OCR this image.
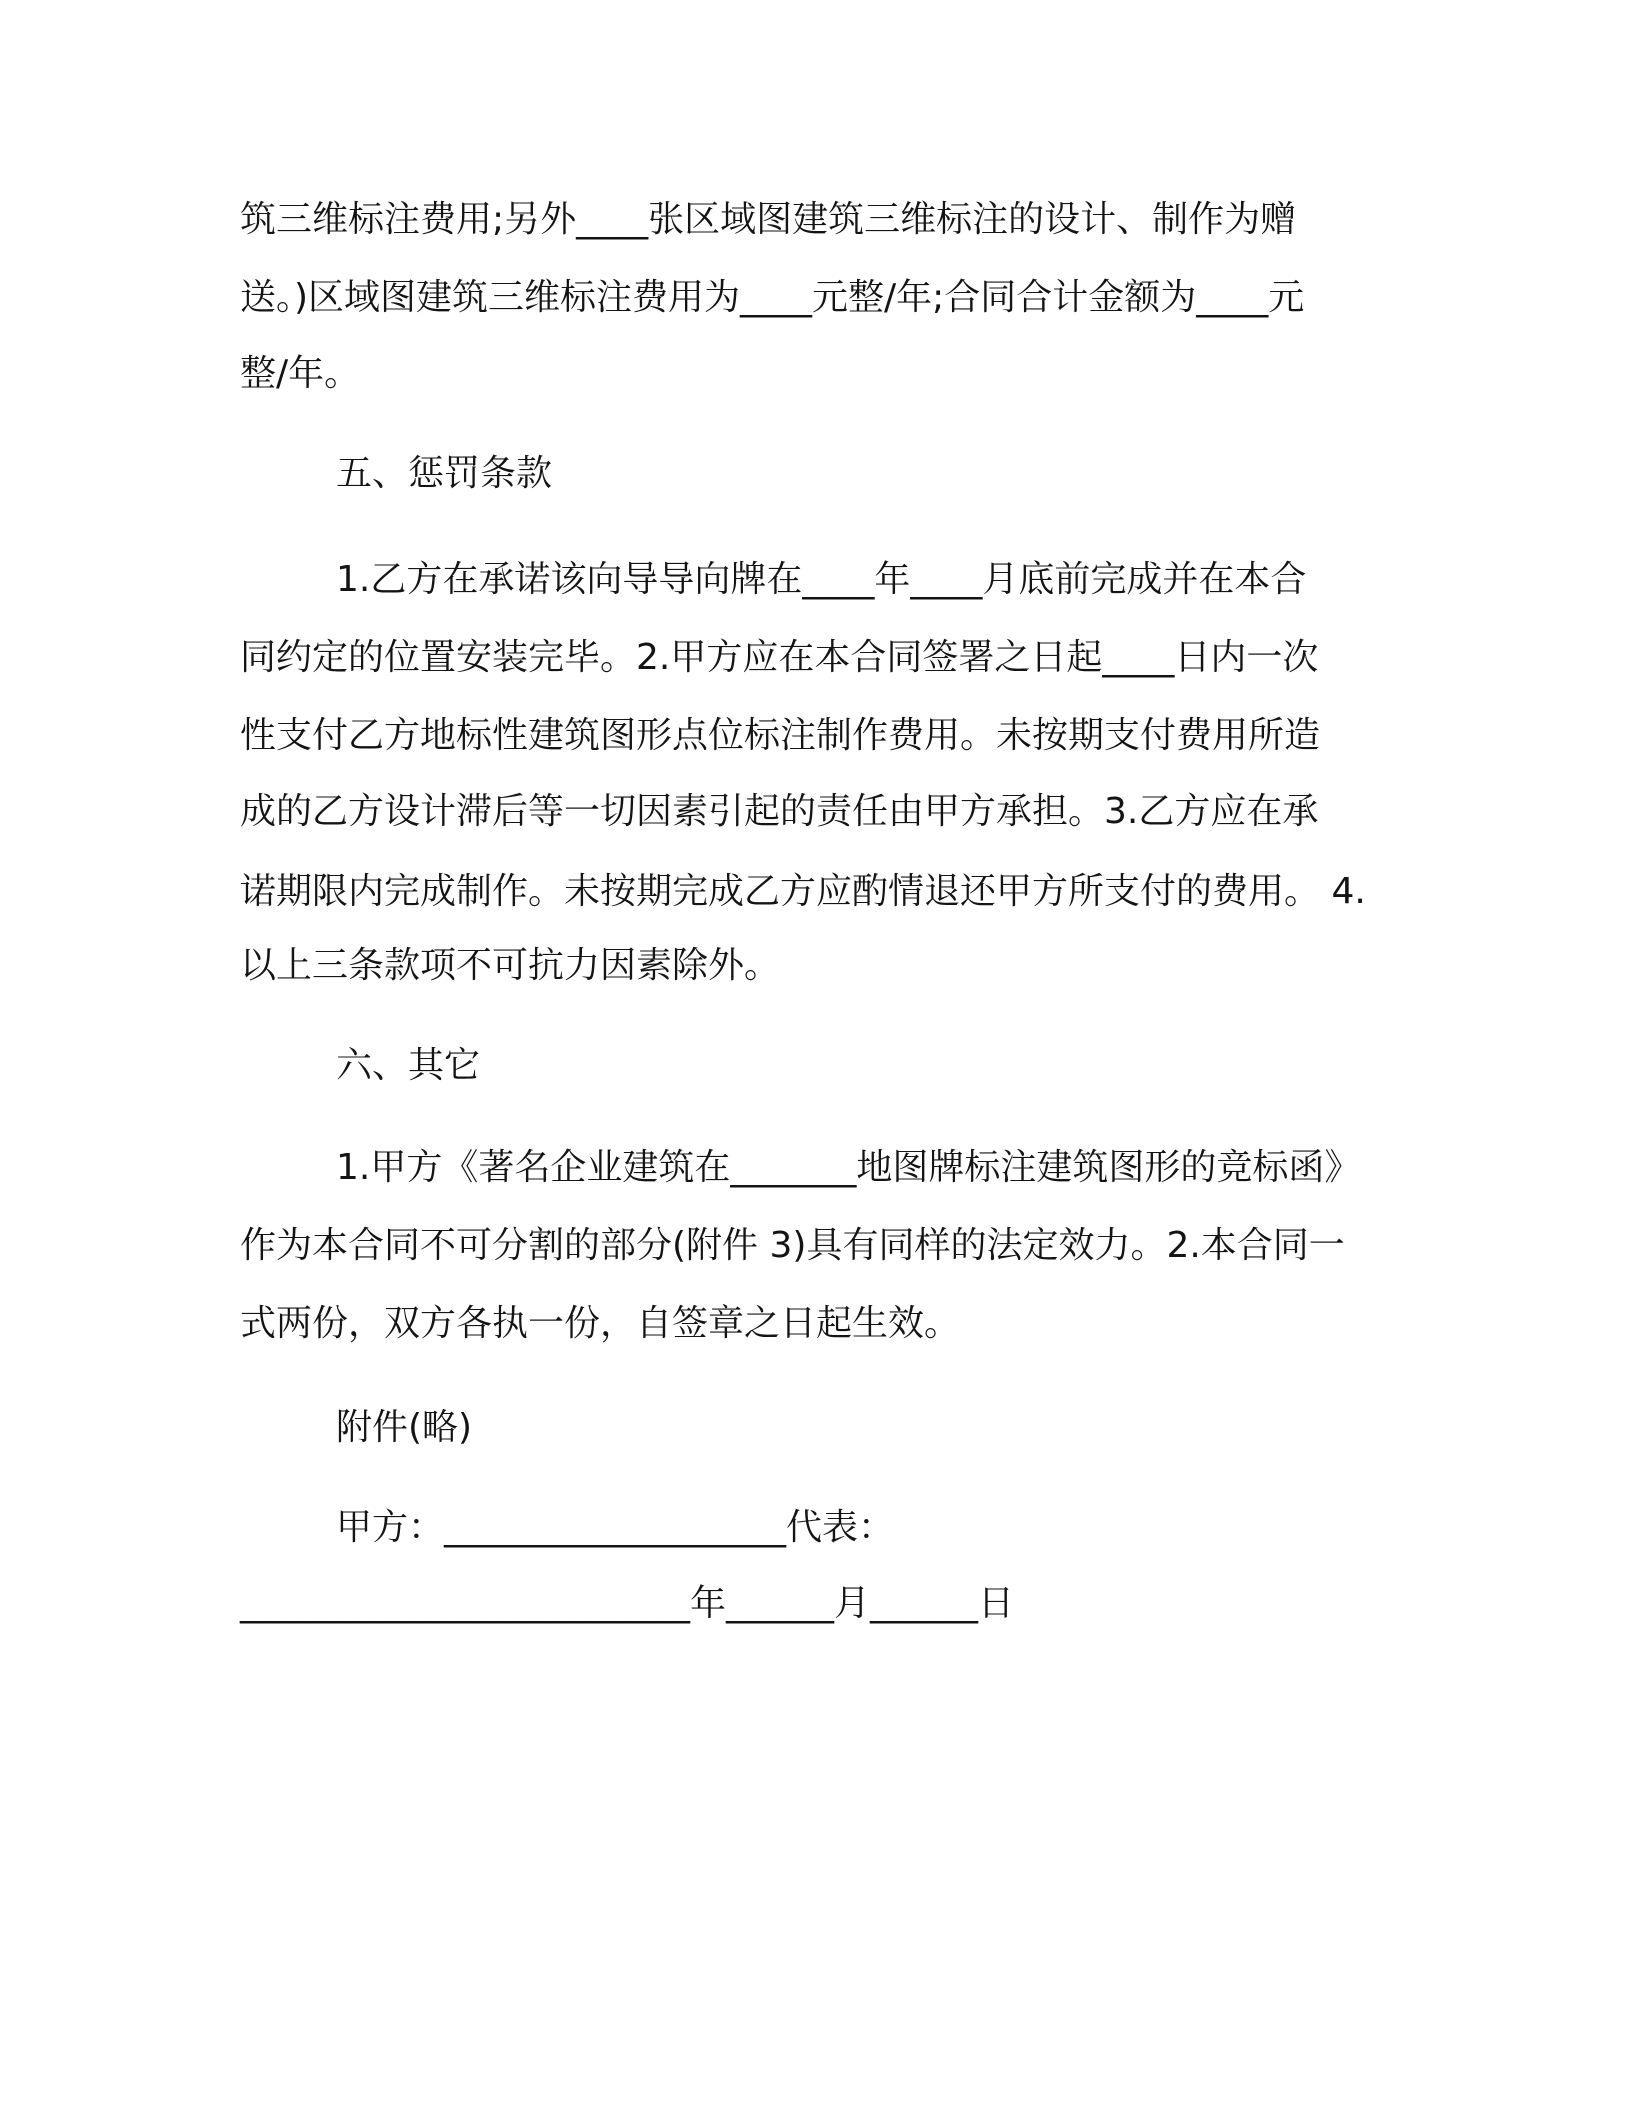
筑三维标注费用;另外____张区域图建筑三维标注的设计、制作为赠
送。)区域图建筑三维标注费用为____元整/年;合同合计金额为____元
整/年。
五、惩罚条款
1.乙方在承诺该向导导向牌在____年____月底前完成并在本合
同约定的位置安装完毕。2.甲方应在本合同签署之日起____日内一次
性支付乙方地标性建筑图形点位标注制作费用。未按期支付费用所造
成的乙方设计滞后等一切因素引起的责任由甲方承担。3.乙方应在承
诺期限内完成制作。未按期完成乙方应酌情退还甲方所支付的费用。 4.
以上三条款项不可抗力因素除外。
六、其它
1.甲方《著名企业建筑在_______地图牌标注建筑图形的竞标函》
作为本合同不可分割的部分(附件 3)具有同样的法定效力。2.本合同一
式两份，双方各执一份，自签章之日起生效。
附件(略)
甲方：___________________代表：
_________________________年______月______日
